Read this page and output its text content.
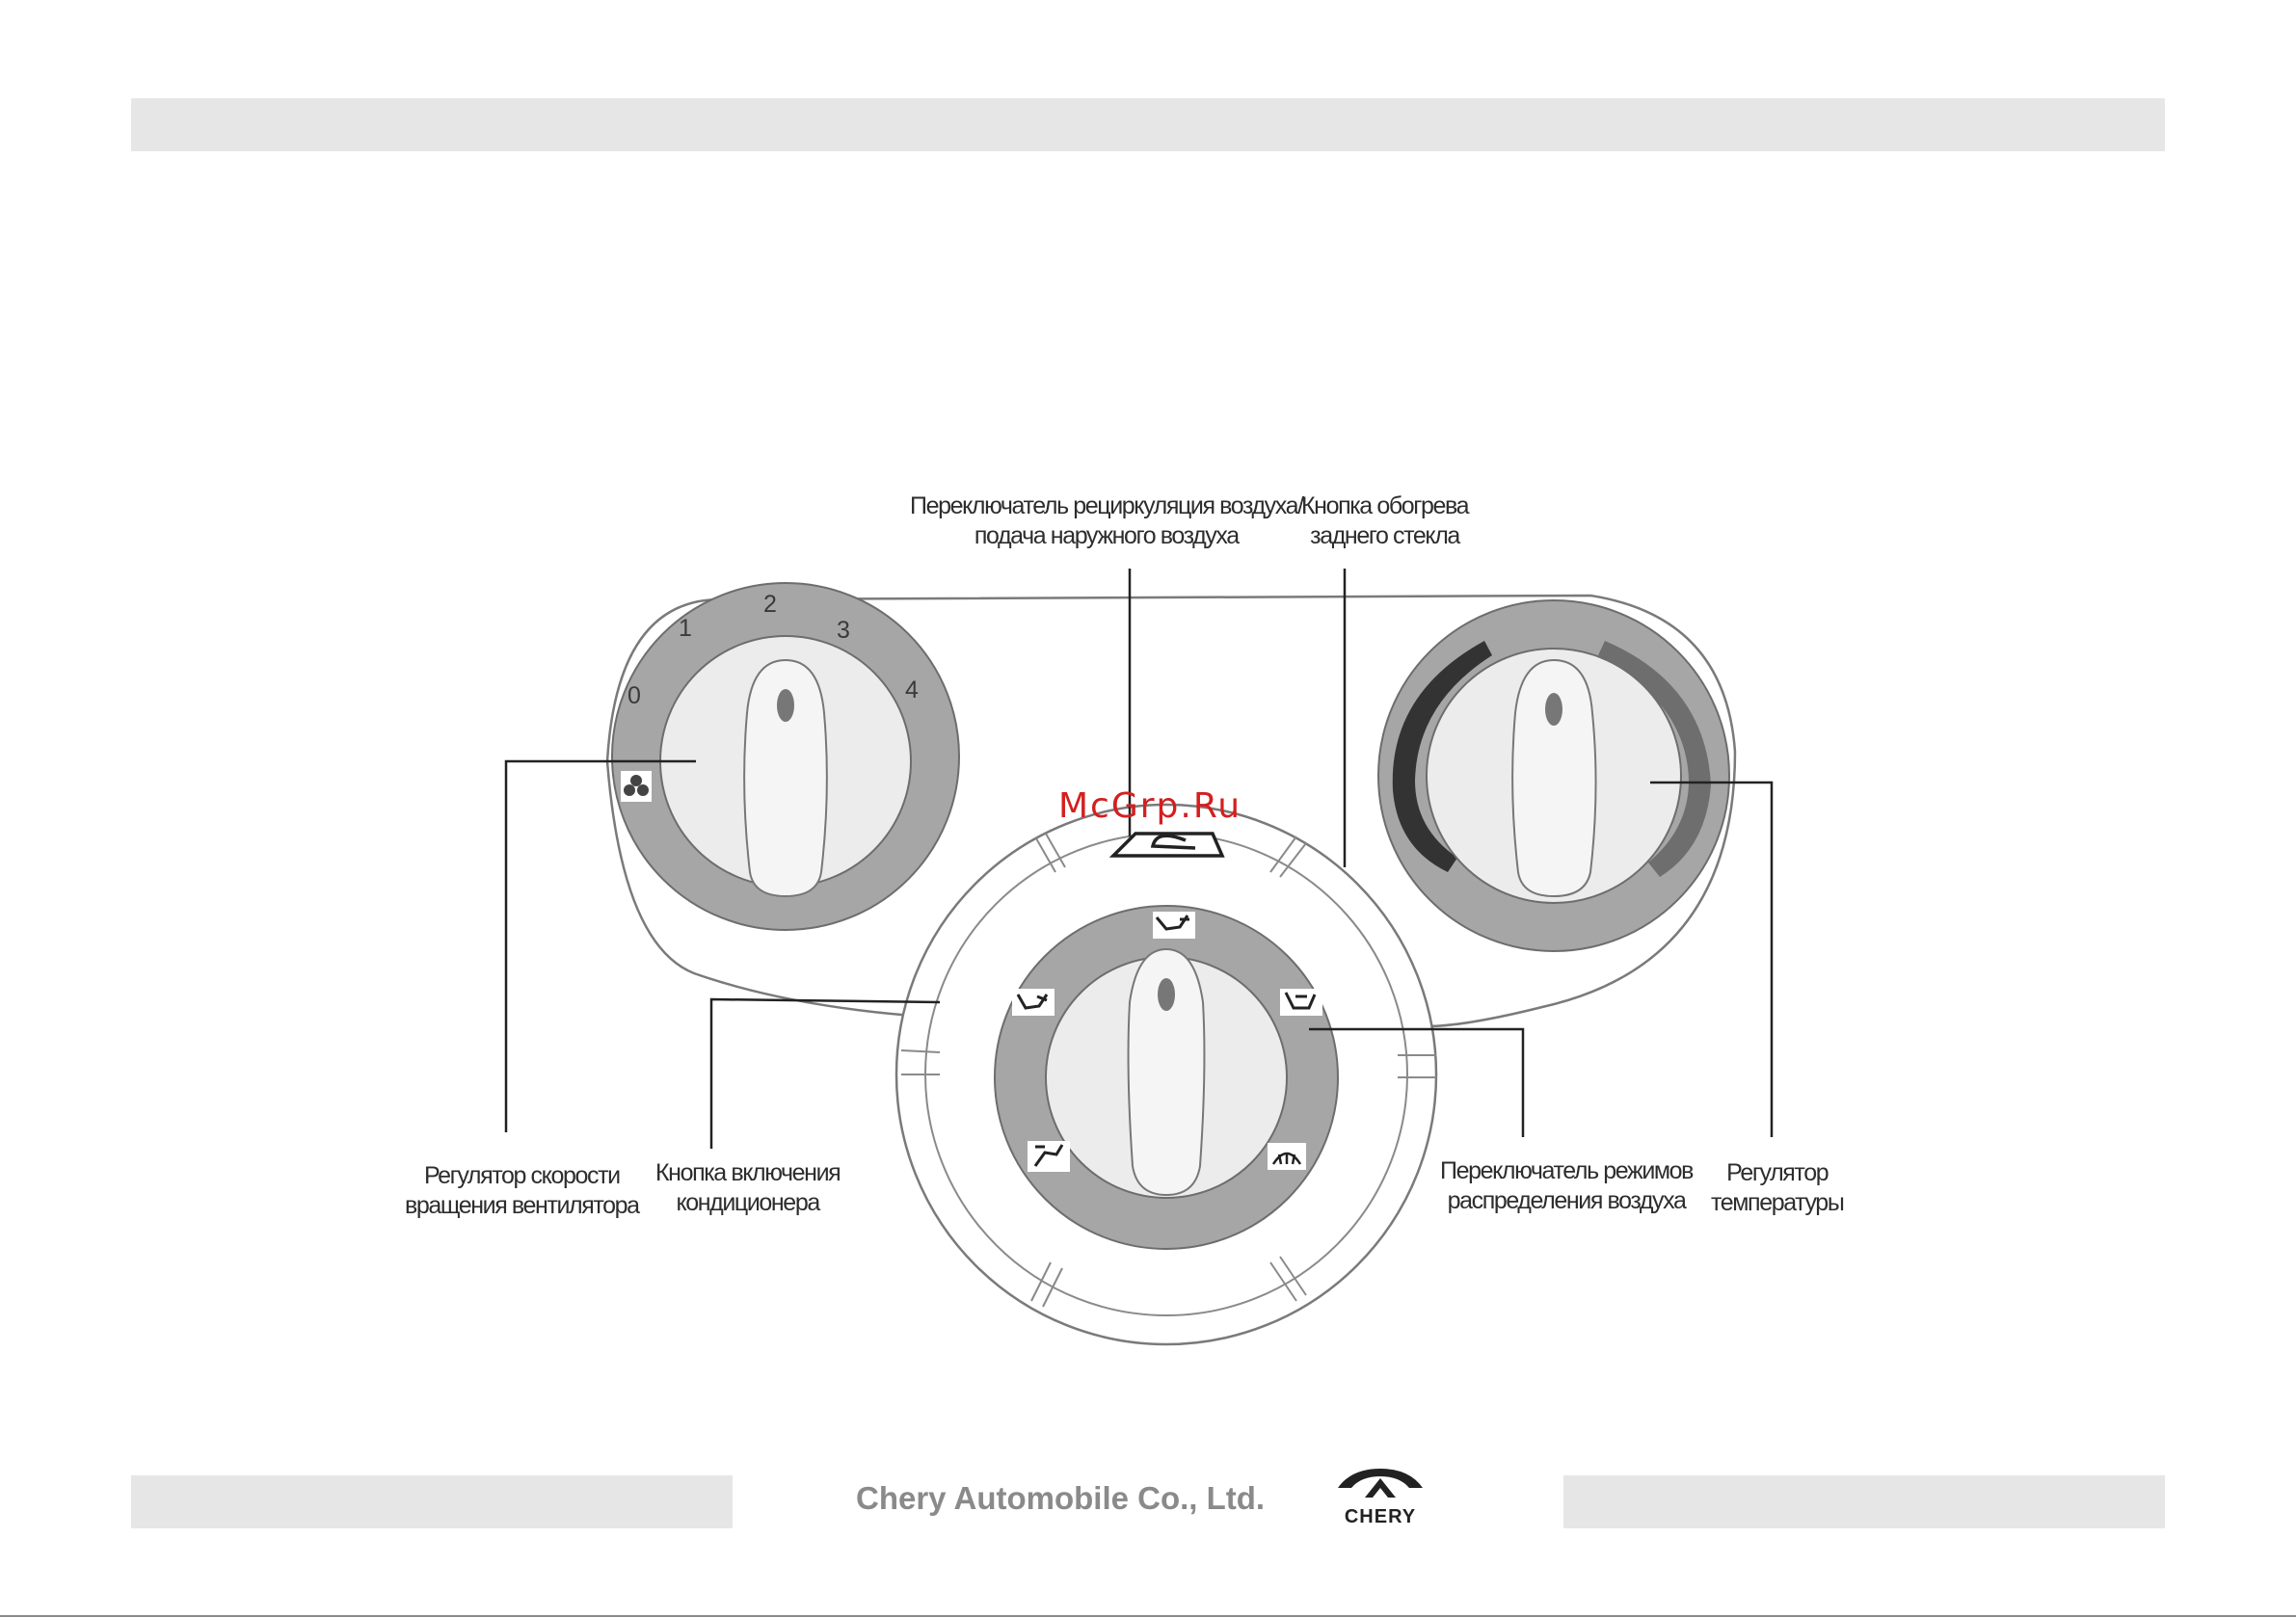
0
1
2
3
4
Переключатель рециркуляция воздуха/
подача наружного воздуха
Кнопка обогрева
заднего стекла
Регулятор скорости
вращения вентилятора
Кнопка включения
кондиционера
Переключатель режимов
распределения воздуха
Регулятор
температуры
McGrp.Ru
Chery Automobile Co., Ltd.
CHERY
